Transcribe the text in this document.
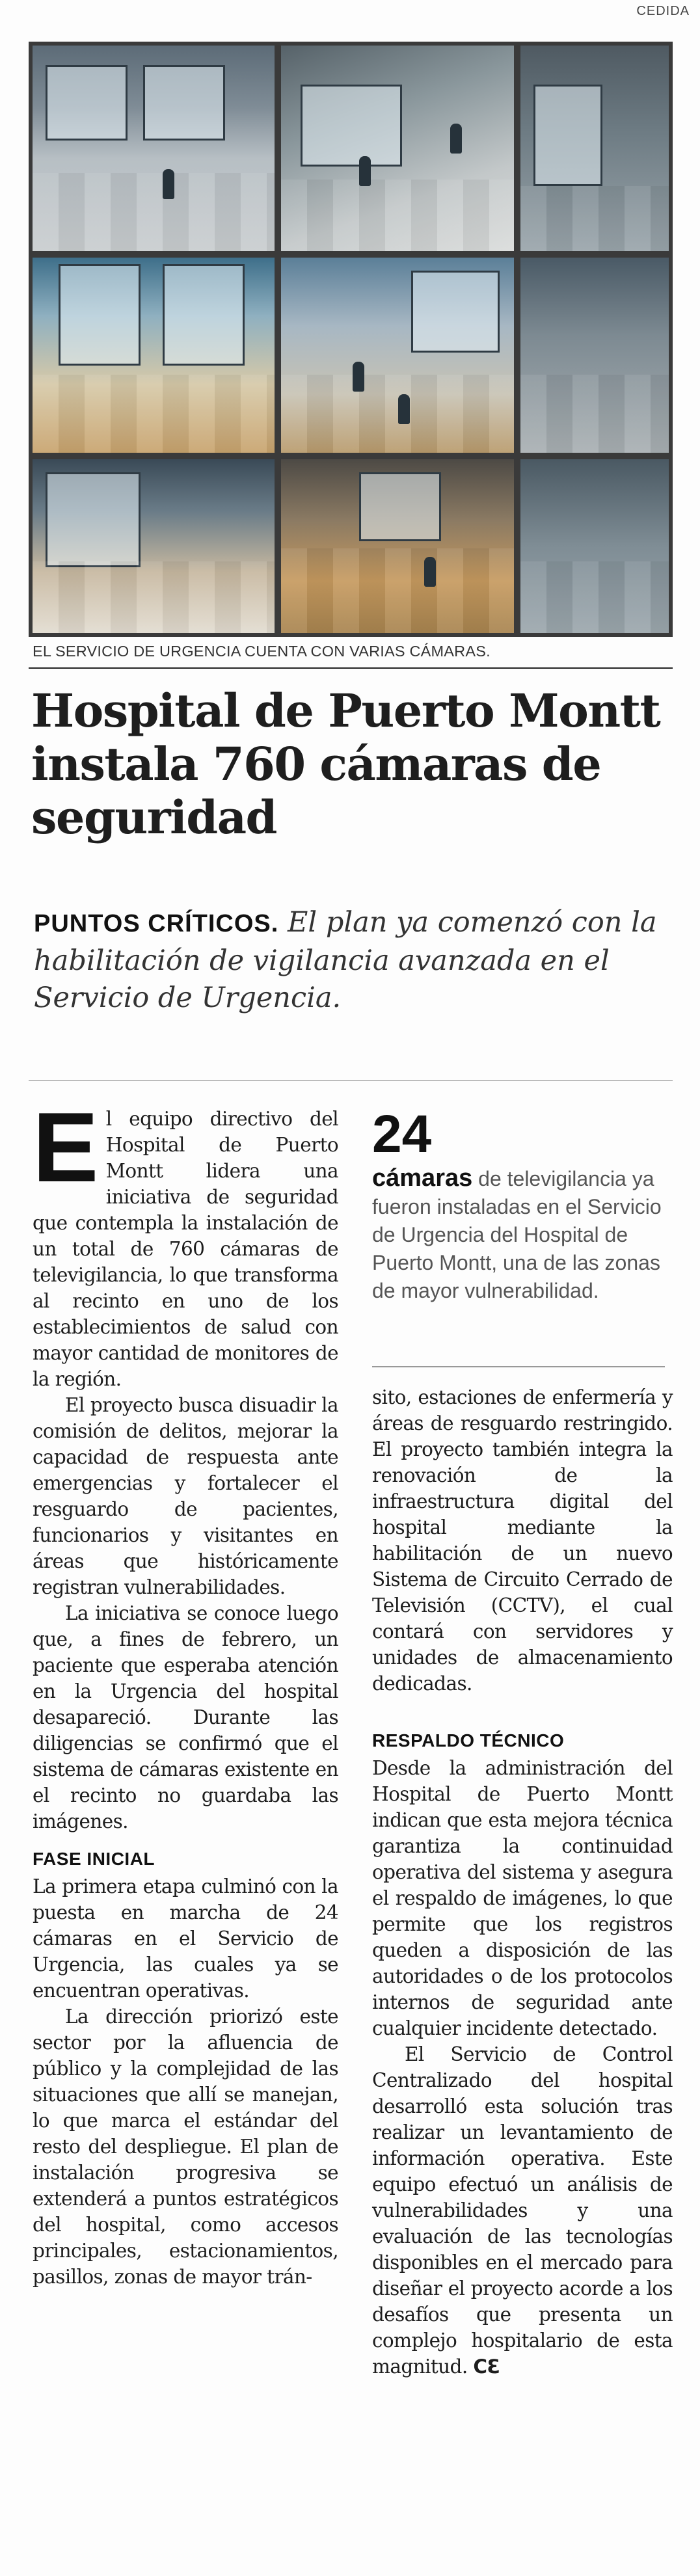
CEDIDA
EL SERVICIO DE URGENCIA CUENTA CON VARIAS CÁMARAS.
Hospital de Puerto Montt instala 760 cámaras de seguridad

PUNTOS CRÍTICOS. El plan ya comenzó con la habilitación de vigilancia avanzada en el Servicio de Urgencia.

El equipo directivo del Hospital de Puerto Montt lidera una iniciativa de seguridad que contempla la instalación de un total de 760 cámaras de televigilancia, lo que transforma al recinto en uno de los establecimientos de salud con mayor cantidad de monitores de la región.

El proyecto busca disuadir la comisión de delitos, mejorar la capacidad de respuesta ante emergencias y fortalecer el resguardo de pacientes, funcionarios y visitantes en áreas que históricamente registran vulnerabilidades.

La iniciativa se conoce luego que, a fines de febrero, un paciente que esperaba atención en la Urgencia del hospital desapareció. Durante las diligencias se confirmó que el sistema de cámaras existente en el recinto no guardaba las imágenes.

FASE INICIAL

La primera etapa culminó con la puesta en marcha de 24 cámaras en el Servicio de Urgencia, las cuales ya se encuentran operativas.

La dirección priorizó este sector por la afluencia de público y la complejidad de las situaciones que allí se manejan, lo que marca el estándar del resto del despliegue. El plan de instalación progresiva se extenderá a puntos estratégicos del hospital, como accesos principales, estacionamientos, pasillos, zonas de mayor trán-

24
cámaras de televigilancia ya fueron instaladas en el Servicio de Urgencia del Hospital de Puerto Montt, una de las zonas de mayor vulnerabilidad.

sito, estaciones de enfermería y áreas de resguardo restringido. El proyecto también integra la renovación de la infraestructura digital del hospital mediante la habilitación de un nuevo Sistema de Circuito Cerrado de Televisión (CCTV), el cual contará con servidores y unidades de almacenamiento dedicadas.

RESPALDO TÉCNICO

Desde la administración del Hospital de Puerto Montt indican que esta mejora técnica garantiza la continuidad operativa del sistema y asegura el respaldo de imágenes, lo que permite que los registros queden a disposición de las autoridades o de los protocolos internos de seguridad ante cualquier incidente detectado.

El Servicio de Control Centralizado del hospital desarrolló esta solución tras realizar un levantamiento de información operativa. Este equipo efectuó un análisis de vulnerabilidades y una evaluación de las tecnologías disponibles en el mercado para diseñar el proyecto acorde a los desafíos que presenta un complejo hospitalario de esta magnitud. CƐ
